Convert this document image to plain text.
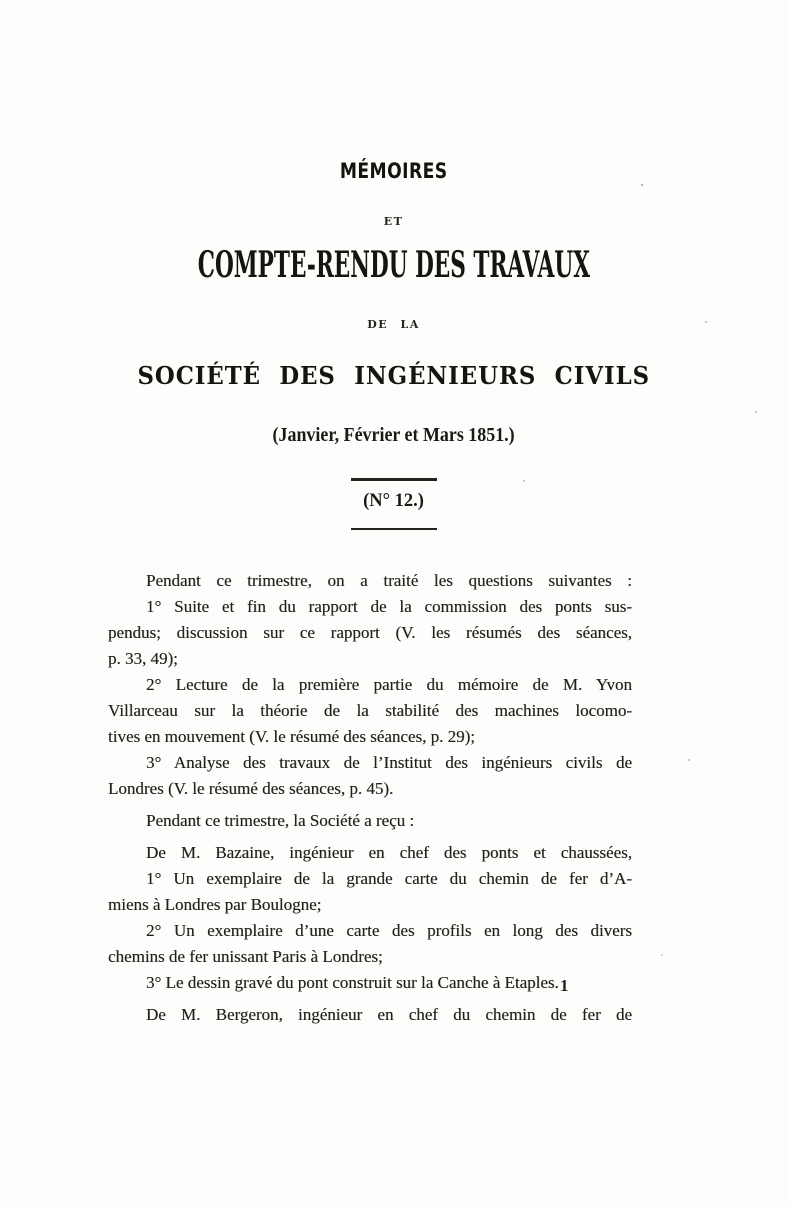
MÉMOIRES
ET
COMPTE-RENDU DES TRAVAUX
DE LA
SOCIÉTÉ DES INGÉNIEURS CIVILS
(Janvier, Février et Mars 1851.)
(N° 12.)
Pendant ce trimestre, on a traité les questions suivantes :
1° Suite et fin du rapport de la commission des ponts sus-
pendus; discussion sur ce rapport (V. les résumés des séances,
p. 33, 49);
2° Lecture de la première partie du mémoire de M. Yvon
Villarceau sur la théorie de la stabilité des machines locomo-
tives en mouvement (V. le résumé des séances, p. 29);
3° Analyse des travaux de l’Institut des ingénieurs civils de
Londres (V. le résumé des séances, p. 45).
Pendant ce trimestre, la Société a reçu :
De M. Bazaine, ingénieur en chef des ponts et chaussées,
1° Un exemplaire de la grande carte du chemin de fer d’A-
miens à Londres par Boulogne;
2° Un exemplaire d’une carte des profils en long des divers
chemins de fer unissant Paris à Londres;
3° Le dessin gravé du pont construit sur la Canche à Etaples.
De M. Bergeron, ingénieur en chef du chemin de fer de
1
